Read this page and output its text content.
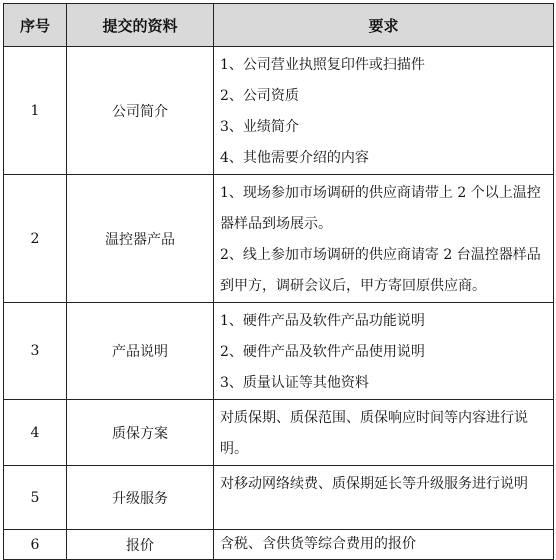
序号	提交的资料	要求
1	公司简介	1、公司营业执照复印件或扫描件
2、公司资质
3、业绩简介
4、其他需要介绍的内容

2	温控器产品	1、现场参加市场调研的供应商请带上 2 个以上温控器样品到场展示。
2、线上参加市场调研的供应商请寄 2 台温控器样品到甲方，调研会议后，甲方寄回原供应商。

3	产品说明	1、硬件产品及软件产品功能说明
2、硬件产品及软件产品使用说明
3、质量认证等其他资料

4	质保方案	对质保期、质保范围、质保响应时间等内容进行说明。

5	升级服务	对移动网络续费、质保期延长等升级服务进行说明

6	报价	含税、含供货等综合费用的报价
